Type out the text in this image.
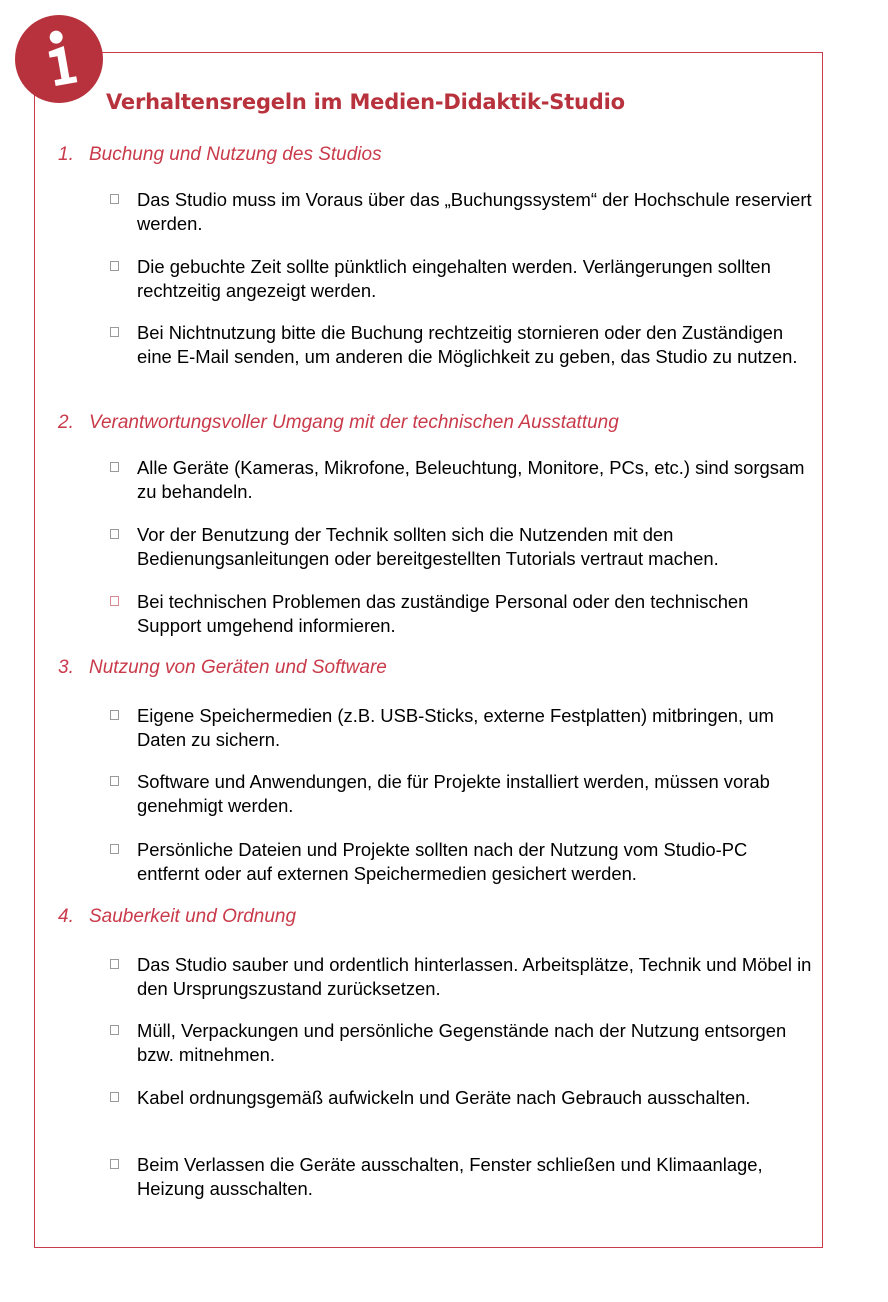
Verhaltensregeln im Medien-Didaktik-Studio
1. Buchung und Nutzung des Studios

Das Studio muss im Voraus über das „Buchungssystem“ der Hochschule reserviert werden.

Die gebuchte Zeit sollte pünktlich eingehalten werden. Verlängerungen sollten rechtzeitig angezeigt werden.

Bei Nichtnutzung bitte die Buchung rechtzeitig stornieren oder den Zuständigen eine E-Mail senden, um anderen die Möglichkeit zu geben, das Studio zu nutzen.

2. Verantwortungsvoller Umgang mit der technischen Ausstattung

Alle Geräte (Kameras, Mikrofone, Beleuchtung, Monitore, PCs, etc.) sind sorgsam zu behandeln.

Vor der Benutzung der Technik sollten sich die Nutzenden mit den Bedienungsanleitungen oder bereitgestellten Tutorials vertraut machen.

Bei technischen Problemen das zuständige Personal oder den technischen Support umgehend informieren.

3. Nutzung von Geräten und Software

Eigene Speichermedien (z.B. USB-Sticks, externe Festplatten) mitbringen, um Daten zu sichern.

Software und Anwendungen, die für Projekte installiert werden, müssen vorab genehmigt werden.

Persönliche Dateien und Projekte sollten nach der Nutzung vom Studio-PC entfernt oder auf externen Speichermedien gesichert werden.

4. Sauberkeit und Ordnung

Das Studio sauber und ordentlich hinterlassen. Arbeitsplätze, Technik und Möbel in den Ursprungszustand zurücksetzen.

Müll, Verpackungen und persönliche Gegenstände nach der Nutzung entsorgen bzw. mitnehmen.

Kabel ordnungsgemäß aufwickeln und Geräte nach Gebrauch ausschalten.

Beim Verlassen die Geräte ausschalten, Fenster schließen und Klimaanlage, Heizung ausschalten.
